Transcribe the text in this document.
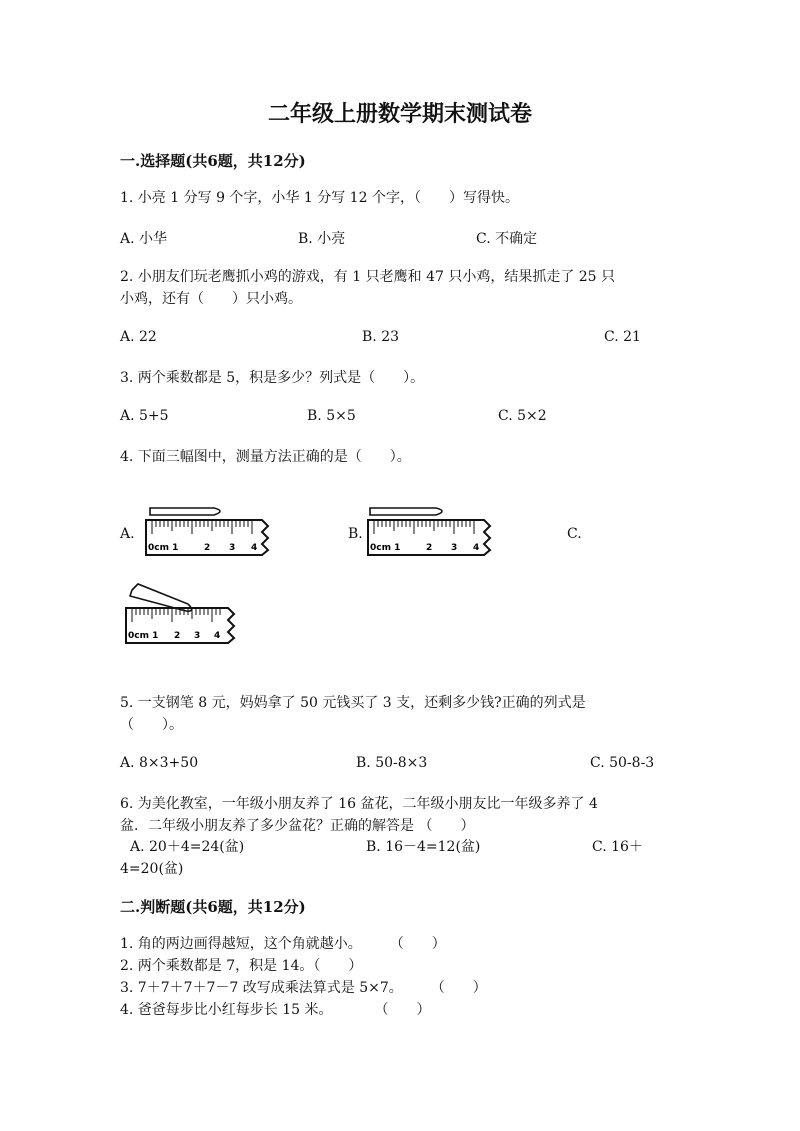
二年级上册数学期末测试卷
一.选择题(共6题，共12分)
1. 小亮 1 分写 9 个字，小华 1 分写 12 个字，（　　）写得快。
A. 小华	B. 小亮	C. 不确定
2. 小朋友们玩老鹰抓小鸡的游戏，有 1 只老鹰和 47 只小鸡，结果抓走了 25 只
小鸡，还有（　　）只小鸡。
A. 22	B. 23	C. 21
3. 两个乘数都是 5，积是多少？列式是（　　）。
A. 5+5	B. 5×5	C. 5×2
4. 下面三幅图中，测量方法正确的是（　　）。
A.	B.	C.
0cm 1	2 3 4	0cm 1	2 3 4
0cm 1 2 3 4
5. 一支钢笔 8 元，妈妈拿了 50 元钱买了 3 支，还剩多少钱?正确的列式是
（　　）。
A. 8×3+50	B. 50-8×3	C. 50-8-3
6. 为美化教室，一年级小朋友养了 16 盆花，二年级小朋友比一年级多养了 4
盆．二年级小朋友养了多少盆花？正确的解答是 （　　）
A. 20＋4=24(盆)	B. 16－4=12(盆)	C. 16＋
4=20(盆)
二.判断题(共6题，共12分)
1. 角的两边画得越短，这个角就越小。　　　（　　）
2. 两个乘数都是 7，积是 14。（　　）
3. 7＋7＋7＋7－7 改写成乘法算式是 5×7。　　　（　　）
4. 爸爸每步比小红每步长 15 米。　　　　（　　）
